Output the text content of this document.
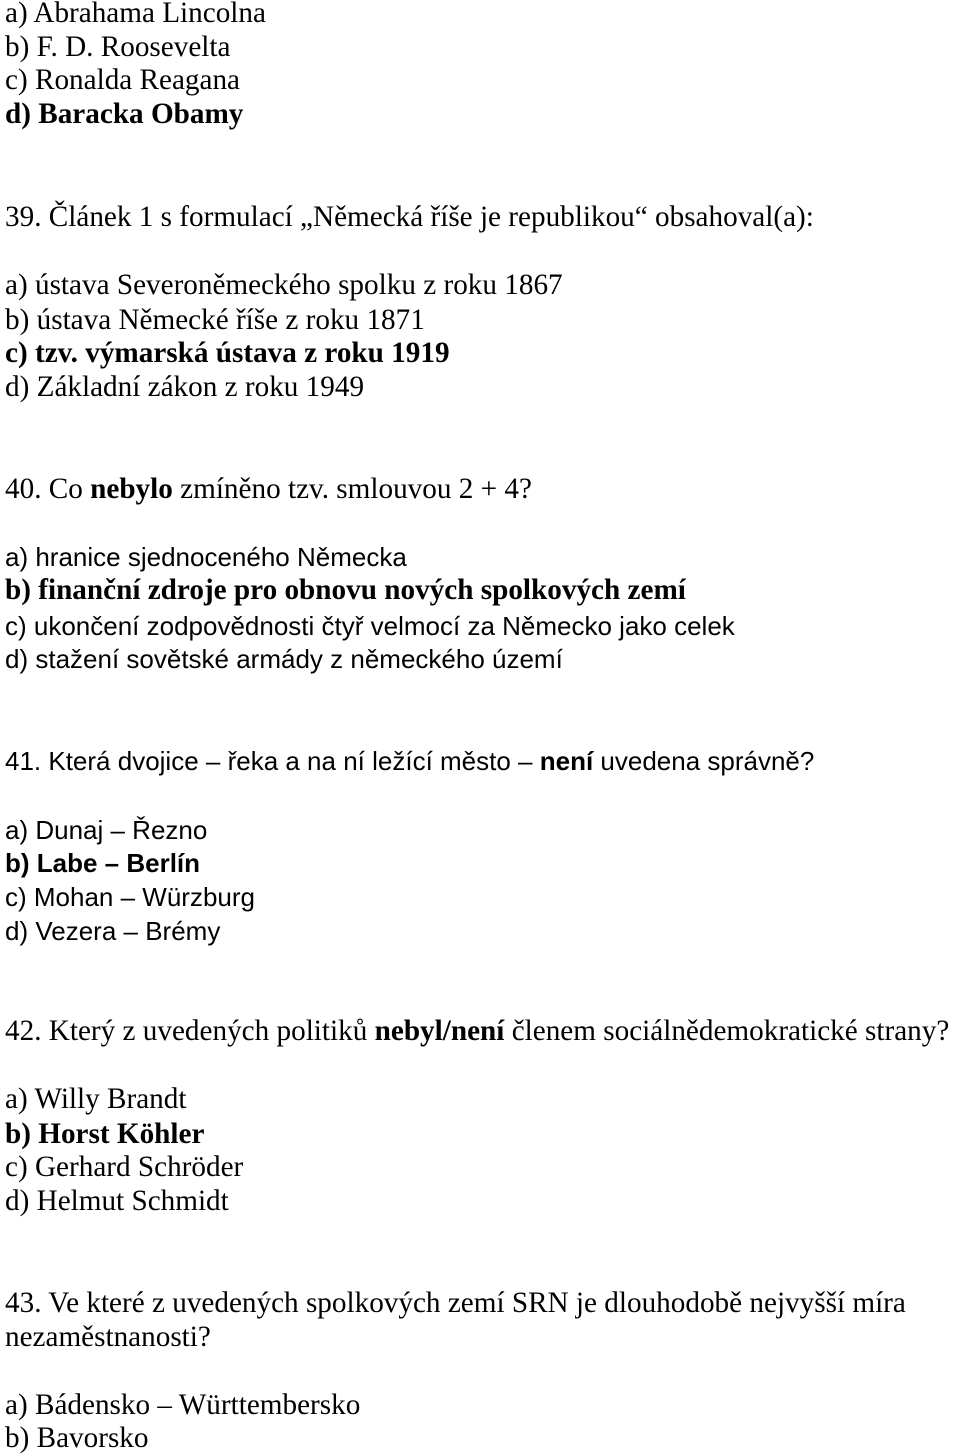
a) Abrahama Lincolna
b) F. D. Roosevelta
c) Ronalda Reagana
d) Baracka Obamy
39. Článek 1 s formulací „Německá říše je republikou“ obsahoval(a):
a) ústava Severoněmeckého spolku z roku 1867
b) ústava Německé říše z roku 1871
c) tzv. výmarská ústava z roku 1919
d) Základní zákon z roku 1949
40. Co nebylo zmíněno tzv. smlouvou 2 + 4?
a) hranice sjednoceného Německa
b) finanční zdroje pro obnovu nových spolkových zemí
c) ukončení zodpovědnosti čtyř velmocí za Německo jako celek
d) stažení sovětské armády z německého území
41. Která dvojice – řeka a na ní ležící město – není uvedena správně?
a) Dunaj – Řezno
b) Labe – Berlín
c) Mohan – Würzburg
d) Vezera – Brémy
42. Který z uvedených politiků nebyl/není členem sociálnědemokratické strany?
a) Willy Brandt
b) Horst Köhler
c) Gerhard Schröder
d) Helmut Schmidt
43. Ve které z uvedených spolkových zemí SRN je dlouhodobě nejvyšší míra
nezaměstnanosti?
a) Bádensko – Württembersko
b) Bavorsko
